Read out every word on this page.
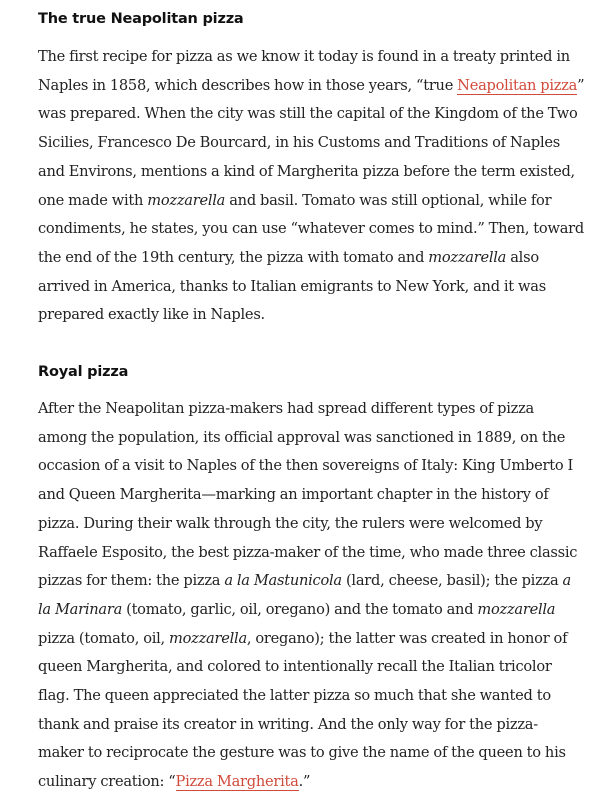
The true Neapolitan pizza

The first recipe for pizza as we know it today is found in a treaty printed in
Naples in 1858, which describes how in those years, “true Neapolitan pizza”
was prepared. When the city was still the capital of the Kingdom of the Two
Sicilies, Francesco De Bourcard, in his Customs and Traditions of Naples
and Environs, mentions a kind of Margherita pizza before the term existed,
one made with mozzarella and basil. Tomato was still optional, while for
condiments, he states, you can use “whatever comes to mind.” Then, toward
the end of the 19th century, the pizza with tomato and mozzarella also
arrived in America, thanks to Italian emigrants to New York, and it was
prepared exactly like in Naples.

Royal pizza

After the Neapolitan pizza-makers had spread different types of pizza
among the population, its official approval was sanctioned in 1889, on the
occasion of a visit to Naples of the then sovereigns of Italy: King Umberto I
and Queen Margherita—marking an important chapter in the history of
pizza. During their walk through the city, the rulers were welcomed by
Raffaele Esposito, the best pizza-maker of the time, who made three classic
pizzas for them: the pizza a la Mastunicola (lard, cheese, basil); the pizza a
la Marinara (tomato, garlic, oil, oregano) and the tomato and mozzarella
pizza (tomato, oil, mozzarella, oregano); the latter was created in honor of
queen Margherita, and colored to intentionally recall the Italian tricolor
flag. The queen appreciated the latter pizza so much that she wanted to
thank and praise its creator in writing. And the only way for the pizza-
maker to reciprocate the gesture was to give the name of the queen to his
culinary creation: “Pizza Margherita.”
